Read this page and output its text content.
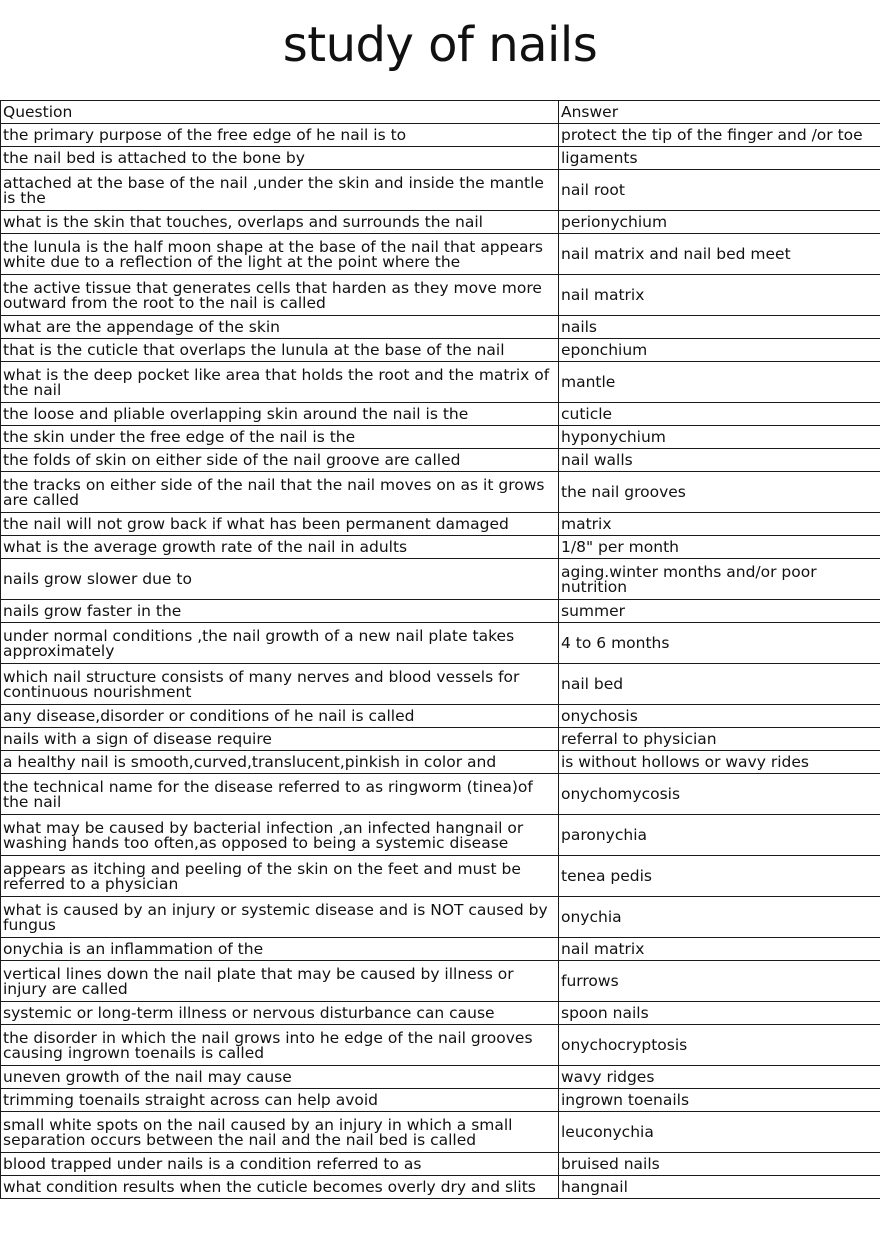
study of nails
Question	Answer
the primary purpose of the free edge of he nail is to	protect the tip of the finger and /or toe
the nail bed is attached to the bone by	ligaments
attached at the base of the nail ,under the skin and inside the mantle is the	nail root
what is the skin that touches, overlaps and surrounds the nail	perionychium
the lunula is the half moon shape at the base of the nail that appears white due to a reflection of the light at the point where the	nail matrix and nail bed meet
the active tissue that generates cells that harden as they move more outward from the root to the nail is called	nail matrix
what are the appendage of the skin	nails
that is the cuticle that overlaps the lunula at the base of the nail	eponchium
what is the deep pocket like area that holds the root and the matrix of the nail	mantle
the loose and pliable overlapping skin around the nail is the	cuticle
the skin under the free edge of the nail is the	hyponychium
the folds of skin on either side of the nail groove are called	nail walls
the tracks on either side of the nail that the nail moves on as it grows are called	the nail grooves
the nail will not grow back if what has been permanent damaged	matrix
what is the average growth rate of the nail in adults	1/8" per month
nails grow slower due to	aging.winter months and/or poor nutrition
nails grow faster in the	summer
under normal conditions ,the nail growth of a new nail plate takes approximately	4 to 6 months
which nail structure consists of many nerves and blood vessels for continuous nourishment	nail bed
any disease,disorder or conditions of he nail is called	onychosis
nails with a sign of disease require	referral to physician
a healthy nail is smooth,curved,translucent,pinkish in color and	is without hollows or wavy rides
the technical name for the disease referred to as ringworm (tinea)of the nail	onychomycosis
what may be caused by bacterial infection ,an infected hangnail or washing hands too often,as opposed to being a systemic disease	paronychia
appears as itching and peeling of the skin on the feet and must be referred to a physician	tenea pedis
what is caused by an injury or systemic disease and is NOT caused by fungus	onychia
onychia is an inflammation of the	nail matrix
vertical lines down the nail plate that may be caused by illness or injury are called	furrows
systemic or long-term illness or nervous disturbance can cause	spoon nails
the disorder in which the nail grows into he edge of the nail grooves causing ingrown toenails is called	onychocryptosis
uneven growth of the nail may cause	wavy ridges
trimming toenails straight across can help avoid	ingrown toenails
small white spots on the nail caused by an injury in which a small separation occurs between the nail and the nail bed is called	leuconychia
blood trapped under nails is a condition referred to as	bruised nails
what condition results when the cuticle becomes overly dry and slits	hangnail
